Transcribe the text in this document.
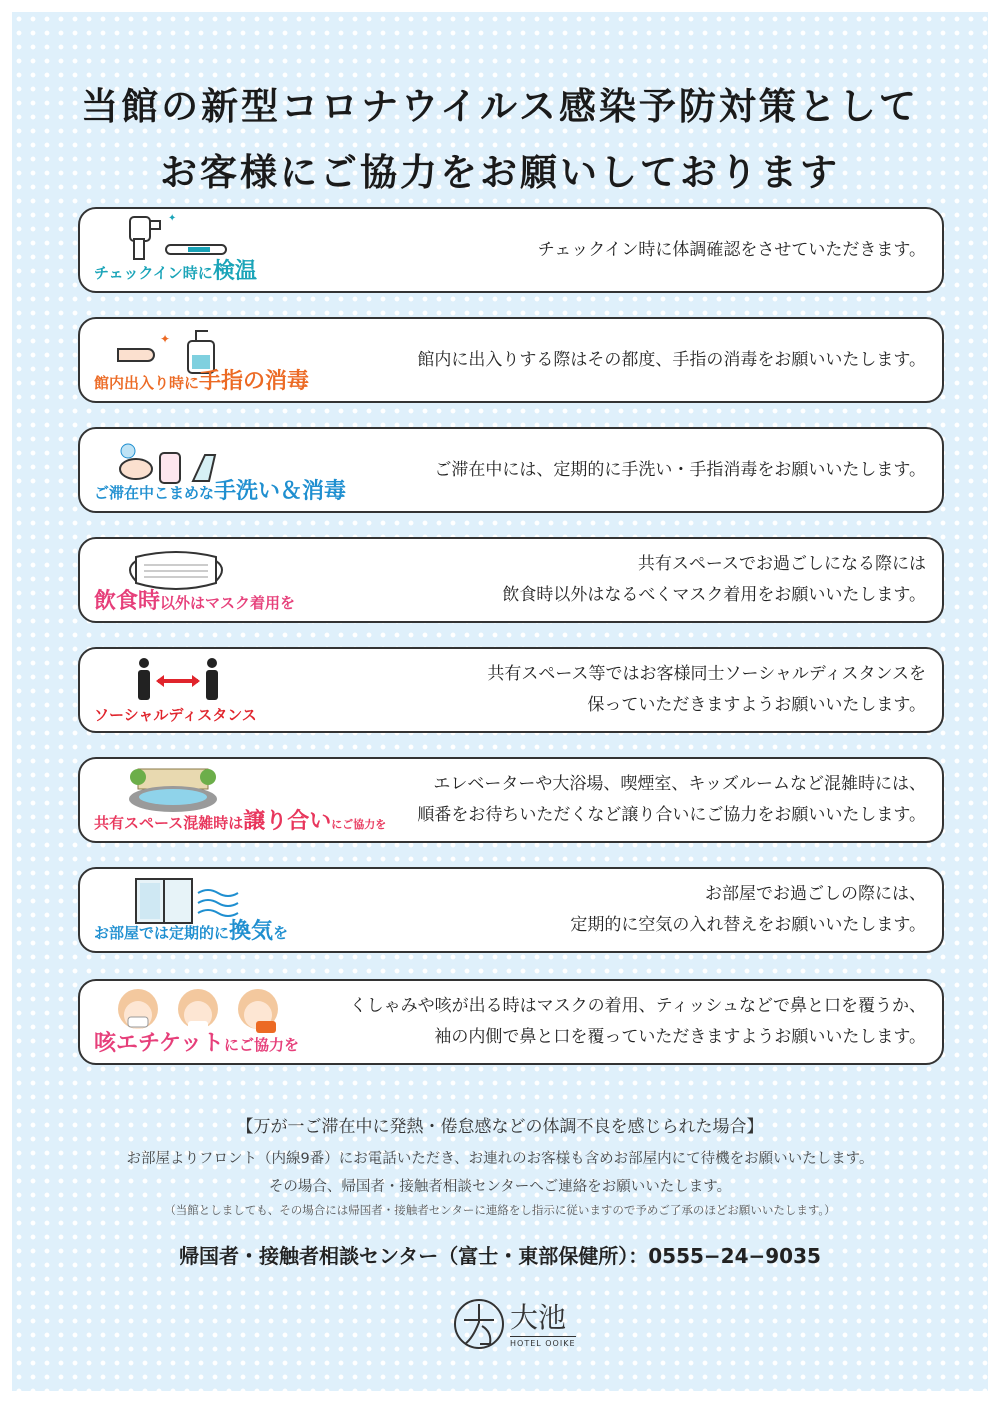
当館の新型コロナウイルス感染予防対策として
お客様にご協力をお願いしております
✦
チェックイン時に検温
チェックイン時に体調確認をさせていただきます。
✦
館内出入り時に手指の消毒
館内に出入りする際はその都度、手指の消毒をお願いいたします。
ご滞在中こまめな手洗い＆消毒
ご滞在中には、定期的に手洗い・手指消毒をお願いいたします。
飲食時以外はマスク着用を
共有スペースでお過ごしになる際には
飲食時以外はなるべくマスク着用をお願いいたします。
ソーシャルディスタンス
共有スペース等ではお客様同士ソーシャルディスタンスを
保っていただきますようお願いいたします。
共有スペース混雑時は譲り合いにご協力を
エレベーターや大浴場、喫煙室、キッズルームなど混雑時には、
順番をお待ちいただくなど譲り合いにご協力をお願いいたします。
お部屋では定期的に換気を
お部屋でお過ごしの際には、
定期的に空気の入れ替えをお願いいたします。
咳エチケットにご協力を
くしゃみや咳が出る時はマスクの着用、ティッシュなどで鼻と口を覆うか、
袖の内側で鼻と口を覆っていただきますようお願いいたします。
【万が一ご滞在中に発熱・倦怠感などの体調不良を感じられた場合】
お部屋よりフロント（内線9番）にお電話いただき、お連れのお客様も含めお部屋内にて待機をお願いいたします。
その場合、帰国者・接触者相談センターへご連絡をお願いいたします。
（当館としましても、その場合には帰国者・接触者センターに連絡をし指示に従いますので予めご了承のほどお願いいたします。）
帰国者・接触者相談センター（富士・東部保健所）：0555−24−9035
大池
HOTEL OOIKE
